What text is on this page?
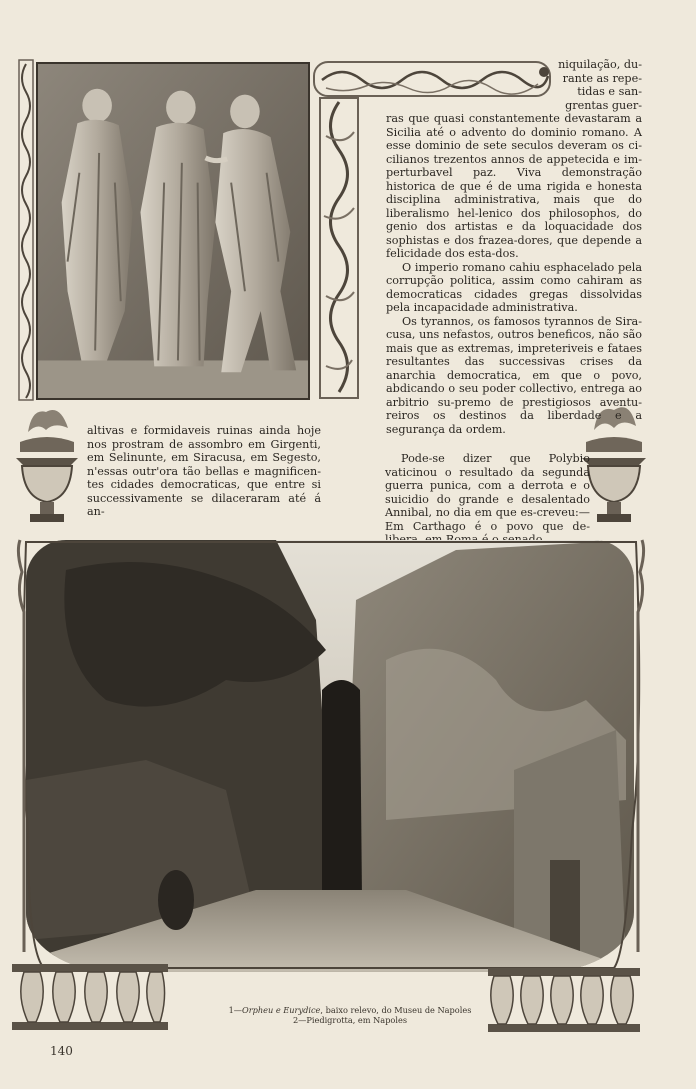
niquilação, du-
rante as repe-
tidas e san-
grentas guer-

ras que quasi constantemente devastaram a Sicilia até o advento do dominio romano. A esse dominio de sete seculos deveram os ci-cilianos trezentos annos de appetecida e im-perturbavel paz. Viva demonstração historica de que é de uma rigida e honesta disciplina administrativa, mais que do liberalismo hel-lenico dos philosophos, do genio dos artistas e da loquacidade dos sophistas e dos frazea-dores, que depende a felicidade dos esta-dos.

O imperio romano cahiu esphacelado pela corrupção politica, assim como cahiram as democraticas cidades gregas dissolvidas pela incapacidade administrativa.

Os tyrannos, os famosos tyrannos de Sira-cusa, uns nefastos, outros beneficos, não são mais que as extremas, impreteriveis e fataes resultantes das successivas crises da anarchia democratica, em que o povo, abdicando o seu poder collectivo, entrega ao arbitrio su-premo de prestigiosos aventu-reiros os destinos da liberdade e a segurança da ordem.

altivas e formidaveis ruinas ainda hoje nos prostram de assombro em Girgenti, em Selinunte, em Siracusa, em Segesto, n'essas outr'ora tão bellas e magnificen-tes cidades democraticas, que entre si successivamente se dilaceraram até á an-

Pode-se dizer que Polybio vaticinou o resultado da segunda guerra punica, com a derrota e o suicidio do grande e desalentado Annibal, no dia em que es-creveu:—Em Carthago é o povo que de-

1—Orpheu e Eurydice, baixo relevo, do Museu de Napoles
2—Piedigrotta, em Napoles
140
